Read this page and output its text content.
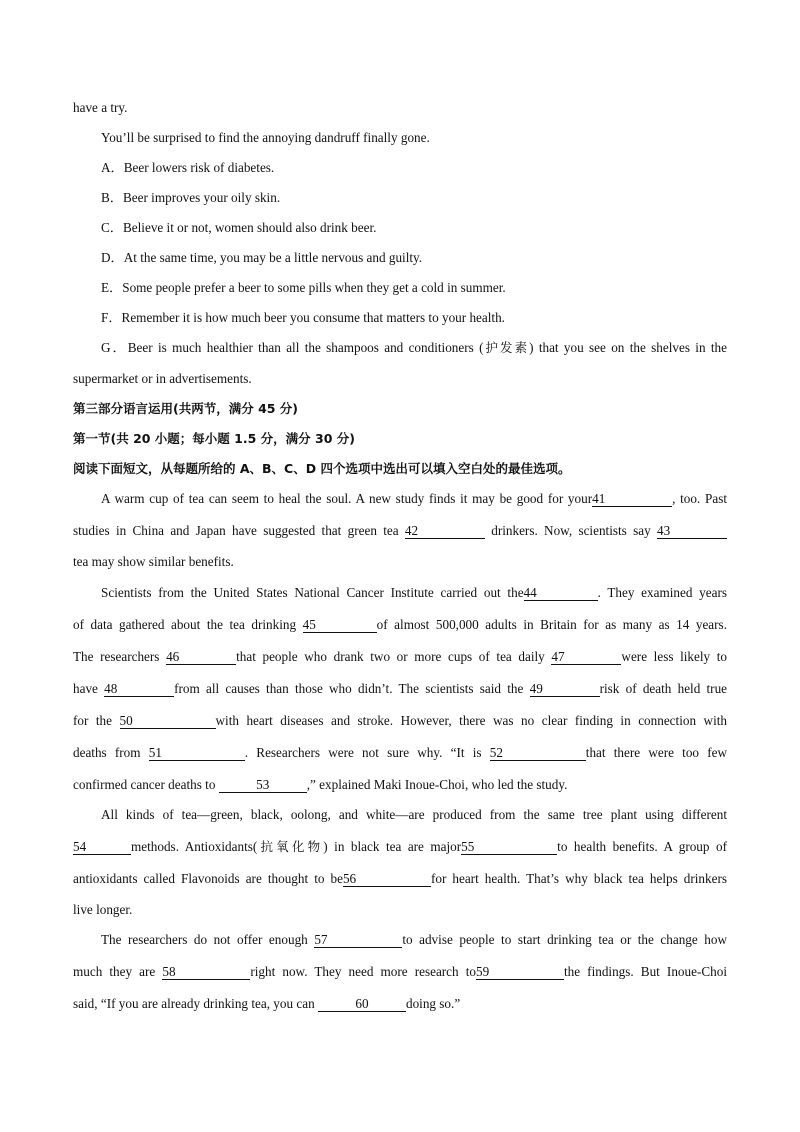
have a try.
You’ll be surprised to find the annoying dandruff finally gone.
A．Beer lowers risk of diabetes.
B．Beer improves your oily skin.
C．Believe it or not, women should also drink beer.
D．At the same time, you may be a little nervous and guilty.
E．Some people prefer a beer to some pills when they get a cold in summer.
F．Remember it is how much beer you consume that matters to your health.
G．Beer is much healthier than all the shampoos and conditioners (护发素) that you see on the shelves in the
supermarket or in advertisements.
第三部分语言运用(共两节，满分 45 分)
第一节(共 20 小题；每小题 1.5 分，满分 30 分)
阅读下面短文，从每题所给的 A、B、C、D 四个选项中选出可以填入空白处的最佳选项。
A warm cup of tea can seem to heal the soul. A new study finds it may be good for your41	, too. Past
studies in China and Japan have suggested that green tea 42	drinkers. Now, scientists say 43
tea may show similar benefits.
Scientists from the United States National Cancer Institute carried out the44	. They examined years
of data gathered about the tea drinking 45	of almost 500,000 adults in Britain for as many as 14 years.
The researchers 46	that people who drank two or more cups of tea daily 47	were less likely to
have 48	from all causes than those who didn’t. The scientists said the 49	risk of death held true
for the 50	with heart diseases and stroke. However, there was no clear finding in connection with
deaths from 51	. Researchers were not sure why. “It is 52	that there were too few
confirmed cancer deaths to	53	,” explained Maki Inoue-Choi, who led the study.
All kinds of tea—green, black, oolong, and white—are produced from the same tree plant using different
54	methods. Antioxidants(抗氧化物) in black tea are major55	to health benefits. A group of
antioxidants called Flavonoids are thought to be56	for heart health. That’s why black tea helps drinkers
live longer.
The researchers do not offer enough 57	to advise people to start drinking tea or the change how
much they are 58	right now. They need more research to59	the findings. But Inoue-Choi
said, “If you are already drinking tea, you can	60	doing so.”
